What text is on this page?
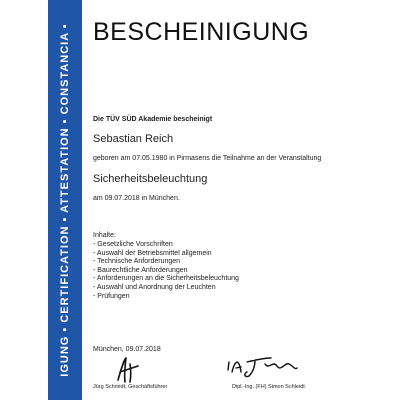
IGUNG ▪ CERTIFICATION ▪ ATTESTATION ▪ CONSTANCIA ▪ BESCHEINIGUNG
Die TÜV SÜD Akademie bescheinigt
Sebastian Reich
geboren am 07.05.1980 in Pirmasens die Teilnahme an der Veranstaltung
Sicherheitsbeleuchtung
am 09.07.2018 in München.
Inhalte:
- Gesetzliche Vorschriften
- Auswahl der Betriebsmittel allgemein
- Technische Anforderungen
- Baurechtliche Anforderungen
- Anforderungen an die Sicherheitsbeleuchtung
- Auswahl und Anordnung der Leuchten
- Prüfungen
München, 09.07.2018
Jürg Schmidt, Geschäftsführer	Dipl.-Ing. (FH) Simon Schleidt
